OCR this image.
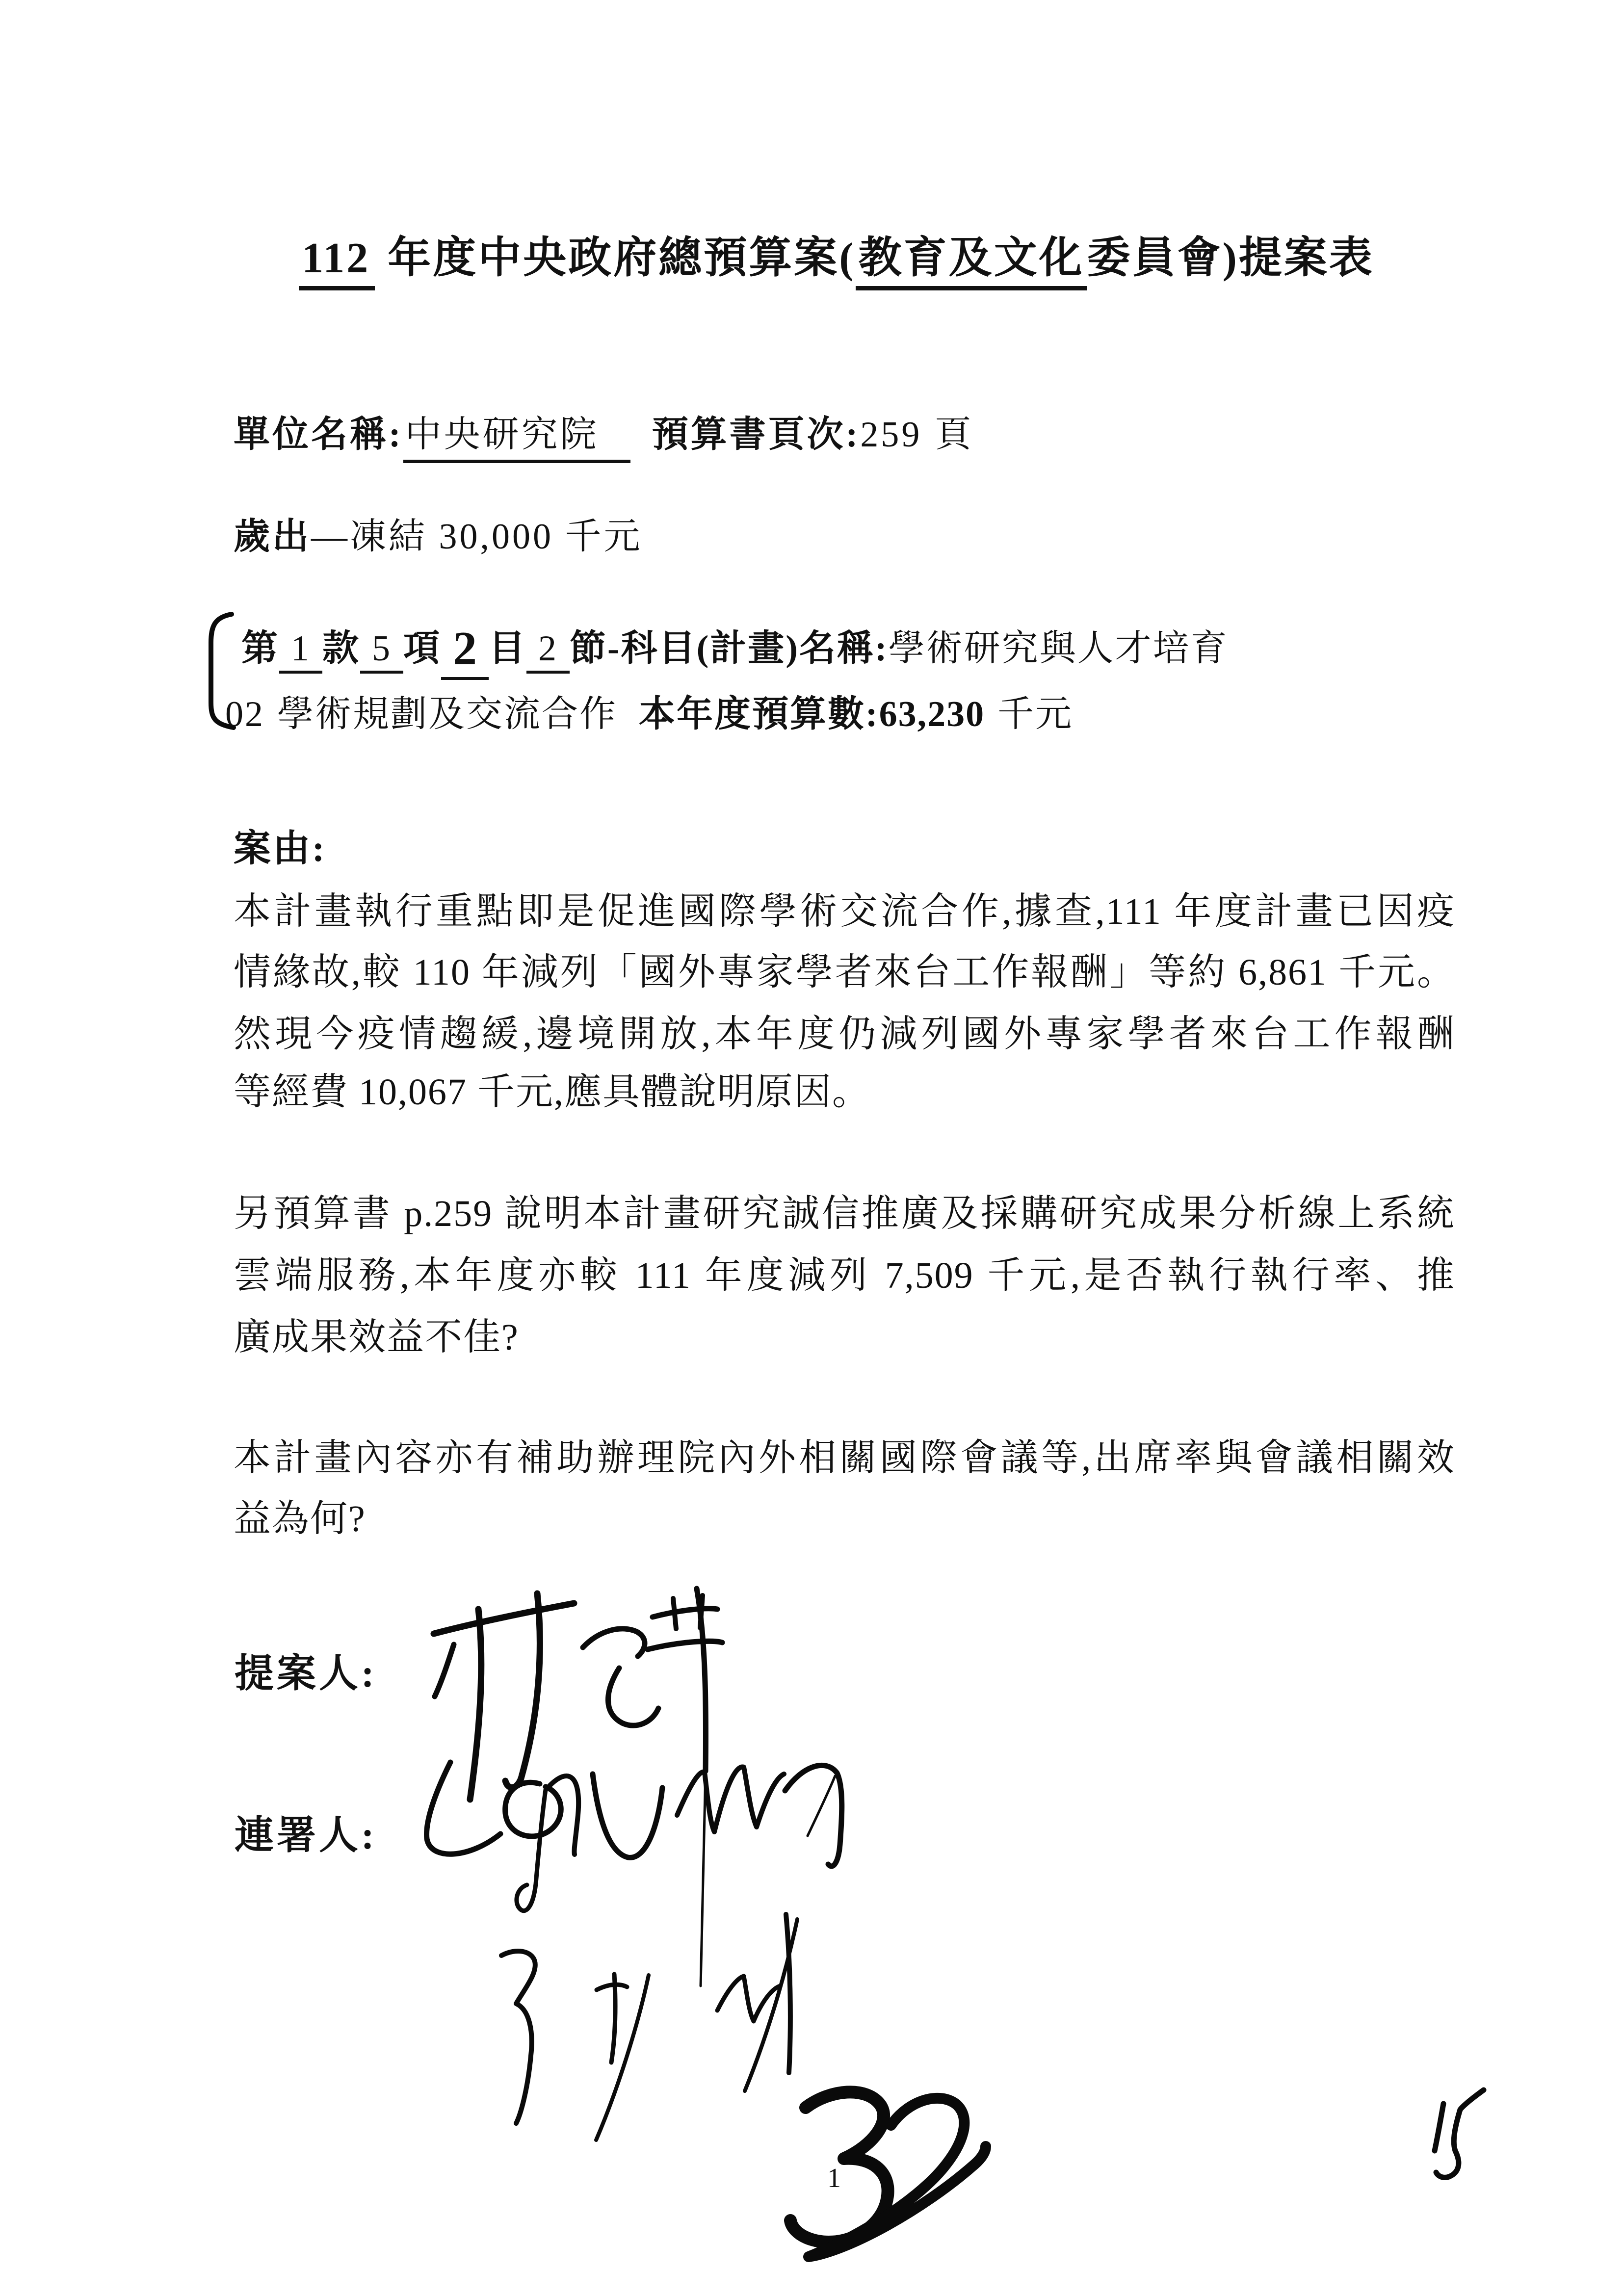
112 年度中央政府總預算案(教育及文化委員會)提案表
單位名稱:中央研究院 預算書頁次:259 頁
歲出—凍結 30,000 千元
第 1 款 5 項 2 目 2 節-科目(計畫)名稱:學術研究與人才培育
02 學術規劃及交流合作 本年度預算數:63,230 千元
案由:
本計畫執行重點即是促進國際學術交流合作,據查,111 年度計畫已因疫
情緣故,較 110 年減列「國外專家學者來台工作報酬」等約 6,861 千元。
然現今疫情趨緩,邊境開放,本年度仍減列國外專家學者來台工作報酬
等經費 10,067 千元,應具體說明原因。
另預算書 p.259 說明本計畫研究誠信推廣及採購研究成果分析線上系統
雲端服務,本年度亦較 111 年度減列 7,509 千元,是否執行執行率、推
廣成果效益不佳?
本計畫內容亦有補助辦理院內外相關國際會議等,出席率與會議相關效
益為何?
提案人:
連署人:
1
